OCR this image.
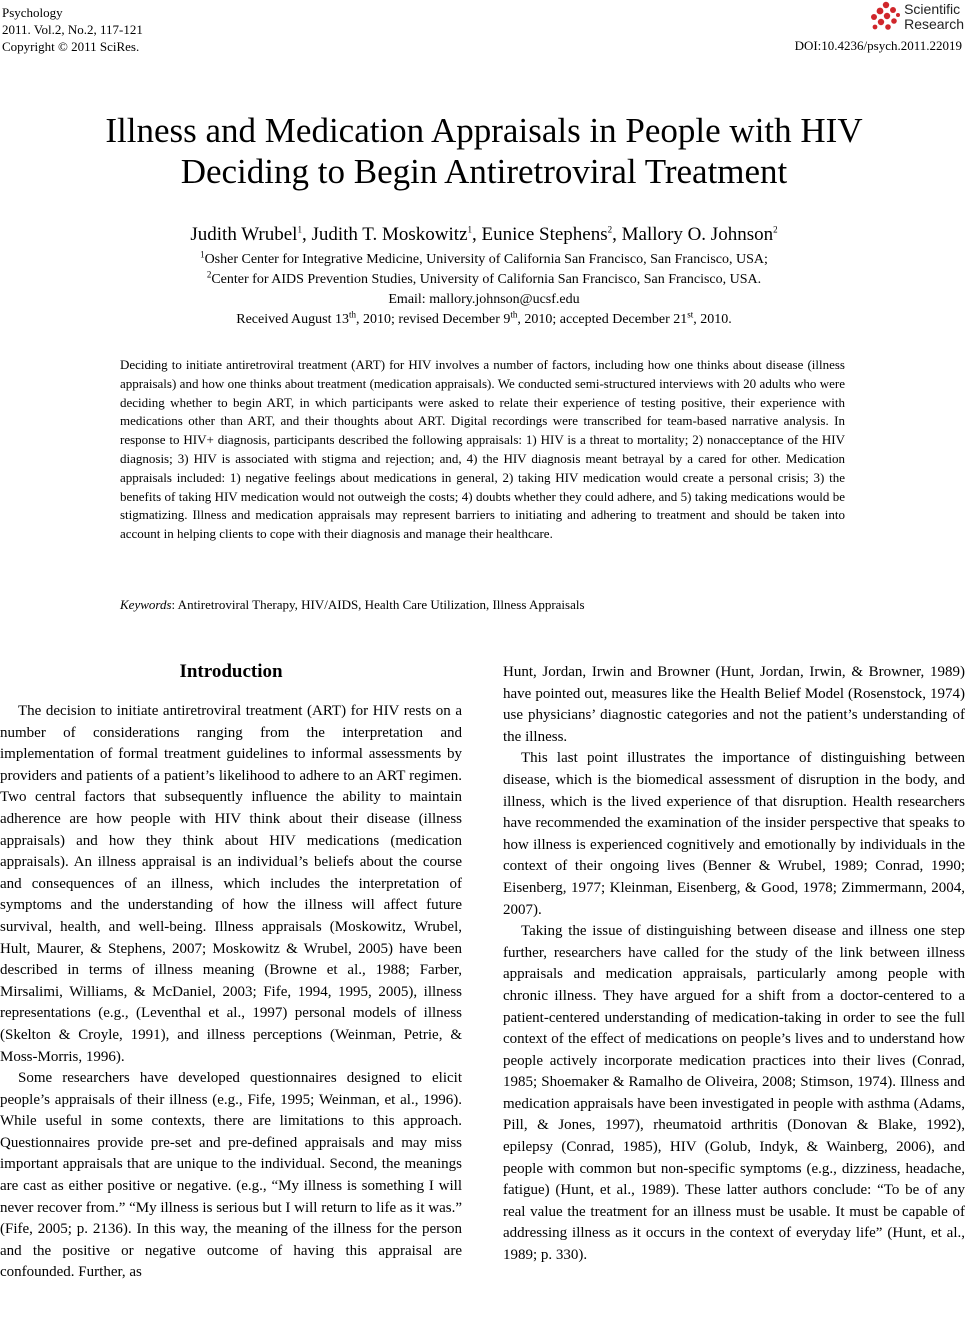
Psychology
2011. Vol.2, No.2, 117-121
Copyright © 2011 SciRes.	DOI:10.4236/psych.2011.22019
Scientific
Research
Illness and Medication Appraisals in People with HIV
Deciding to Begin Antiretroviral Treatment
Judith Wrubel$^1$, Judith T. Moskowitz$^1$, Eunice Stephens$^2$, Mallory O. Johnson$^2$
$^1$Osher Center for Integrative Medicine, University of California San Francisco, San Francisco, USA;
$^2$Center for AIDS Prevention Studies, University of California San Francisco, San Francisco, USA.
Email: mallory.johnson@ucsf.edu
Received August 13th, 2010; revised December 9th, 2010; accepted December 21st, 2010.
Deciding to initiate antiretroviral treatment (ART) for HIV involves a number of factors, including how one thinks about disease (illness appraisals) and how one thinks about treatment (medication appraisals). We conducted semi-structured interviews with 20 adults who were deciding whether to begin ART, in which participants were asked to relate their experience of testing positive, their experience with medications other than ART, and their thoughts about ART. Digital recordings were transcribed for team-based narrative analysis. In response to HIV+ diagnosis, participants described the following appraisals: 1) HIV is a threat to mortality; 2) nonacceptance of the HIV diagnosis; 3) HIV is associated with stigma and rejection; and, 4) the HIV diagnosis meant betrayal by a cared for other. Medication appraisals included: 1) negative feelings about medications in general, 2) taking HIV medication would create a personal crisis; 3) the benefits of taking HIV medication would not outweigh the costs; 4) doubts whether they could adhere, and 5) taking medications would be stigmatizing. Illness and medication appraisals may represent barriers to initiating and adhering to treatment and should be taken into account in helping clients to cope with their diagnosis and manage their healthcare.
Keywords: Antiretroviral Therapy, HIV/AIDS, Health Care Utilization, Illness Appraisals
Introduction

The decision to initiate antiretroviral treatment (ART) for HIV rests on a number of considerations ranging from the interpretation and implementation of formal treatment guidelines to informal assessments by providers and patients of a patient’s likelihood to adhere to an ART regimen. Two central factors that subsequently influence the ability to maintain adherence are how people with HIV think about their disease (illness appraisals) and how they think about HIV medications (medication appraisals). An illness appraisal is an individual’s beliefs about the course and consequences of an illness, which includes the interpretation of symptoms and the understanding of how the illness will affect future survival, health, and well-being. Illness appraisals (Moskowitz, Wrubel, Hult, Maurer, & Stephens, 2007; Moskowitz & Wrubel, 2005) have been described in terms of illness meaning (Browne et al., 1988; Farber, Mirsalimi, Williams, & McDaniel, 2003; Fife, 1994, 1995, 2005), illness representations (e.g., (Leventhal et al., 1997) personal models of illness (Skelton & Croyle, 1991), and illness perceptions (Weinman, Petrie, & Moss-Morris, 1996).

Some researchers have developed questionnaires designed to elicit people’s appraisals of their illness (e.g., Fife, 1995; Weinman, et al., 1996). While useful in some contexts, there are limitations to this approach. Questionnaires provide pre-set and pre-defined appraisals and may miss important appraisals that are unique to the individual. Second, the meanings are cast as either positive or negative. (e.g., “My illness is something I will never recover from.” “My illness is serious but I will return to life as it was.” (Fife, 2005; p. 2136). In this way, the meaning of the illness for the person and the positive or negative outcome of having this appraisal are confounded. Further, as

Hunt, Jordan, Irwin and Browner (Hunt, Jordan, Irwin, & Browner, 1989) have pointed out, measures like the Health Belief Model (Rosenstock, 1974) use physicians’ diagnostic categories and not the patient’s understanding of the illness.

This last point illustrates the importance of distinguishing between disease, which is the biomedical assessment of disruption in the body, and illness, which is the lived experience of that disruption. Health researchers have recommended the examination of the insider perspective that speaks to how illness is experienced cognitively and emotionally by individuals in the context of their ongoing lives (Benner & Wrubel, 1989; Conrad, 1990; Eisenberg, 1977; Kleinman, Eisenberg, & Good, 1978; Zimmermann, 2004, 2007).

Taking the issue of distinguishing between disease and illness one step further, researchers have called for the study of the link between illness appraisals and medication appraisals, particularly among people with chronic illness. They have argued for a shift from a doctor-centered to a patient-centered understanding of medication-taking in order to see the full context of the effect of medications on people’s lives and to understand how people actively incorporate medication practices into their lives (Conrad, 1985; Shoemaker & Ramalho de Oliveira, 2008; Stimson, 1974). Illness and medication appraisals have been investigated in people with asthma (Adams, Pill, & Jones, 1997), rheumatoid arthritis (Donovan & Blake, 1992), epilepsy (Conrad, 1985), HIV (Golub, Indyk, & Wainberg, 2006), and people with common but non-specific symptoms (e.g., dizziness, headache, fatigue) (Hunt, et al., 1989). These latter authors conclude: “To be of any real value the treatment for an illness must be usable. It must be capable of addressing illness as it occurs in the context of everyday life” (Hunt, et al., 1989; p. 330).
